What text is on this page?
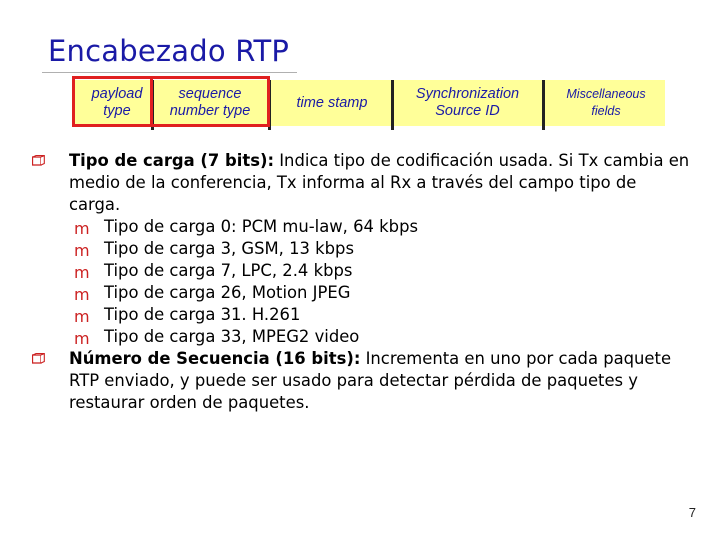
Encabezado RTP
payload
type
sequence
number type
time stamp
Synchronization
Source ID
Miscellaneous
fields
Tipo de carga (7 bits): Indica tipo de codificación usada. Si Tx cambia en medio de la conferencia, Tx informa al Rx a través del campo tipo de carga.
m Tipo de carga 0: PCM mu-law, 64 kbps
m Tipo de carga 3, GSM, 13 kbps
m Tipo de carga 7, LPC, 2.4 kbps
m Tipo de carga 26, Motion JPEG
m Tipo de carga 31. H.261
m Tipo de carga 33, MPEG2 video
Número de Secuencia (16 bits): Incrementa en uno por cada paquete RTP enviado, y puede ser usado para detectar pérdida de paquetes y restaurar orden de paquetes.
7
